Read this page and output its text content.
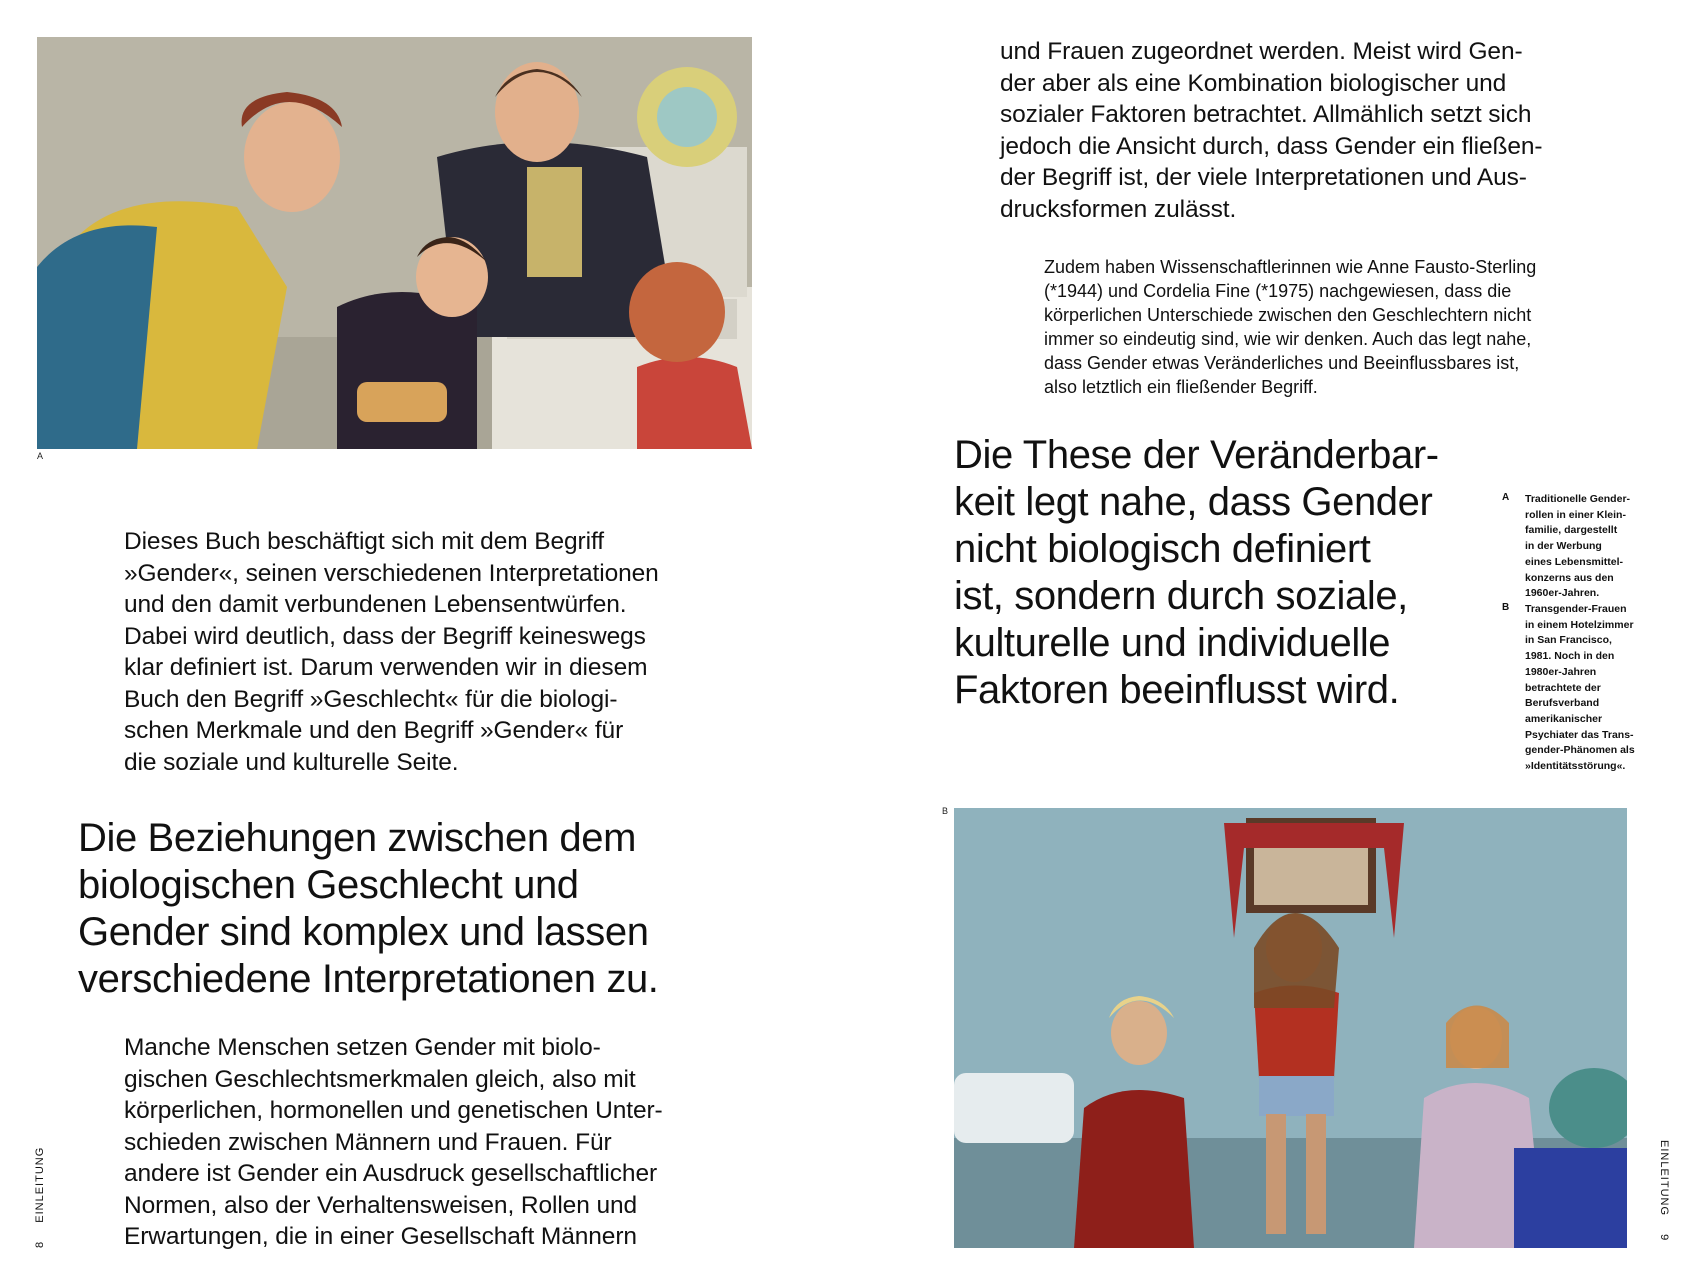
A
Dieses Buch beschäftigt sich mit dem Begriff
»Gender«, seinen verschiedenen Interpretationen
und den damit verbundenen Lebensentwürfen.
Dabei wird deutlich, dass der Begriff keineswegs
klar definiert ist. Darum verwenden wir in diesem
Buch den Begriff »Geschlecht« für die biologi-
schen Merkmale und den Begriff »Gender« für
die soziale und kulturelle Seite.
Die Beziehungen zwischen dem
biologischen Geschlecht und
Gender sind komplex und lassen
verschiedene Interpretationen zu.
Manche Menschen setzen Gender mit biolo-
gischen Geschlechtsmerkmalen gleich, also mit
körperlichen, hormonellen und genetischen Unter-
schieden zwischen Männern und Frauen. Für
andere ist Gender ein Ausdruck gesellschaftlicher
Normen, also der Verhaltensweisen, Rollen und
Erwartungen, die in einer Gesellschaft Männern
8  EINLEITUNG
und Frauen zugeordnet werden. Meist wird Gen-
der aber als eine Kombination biologischer und
sozialer Faktoren betrachtet. Allmählich setzt sich
jedoch die Ansicht durch, dass Gender ein fließen-
der Begriff ist, der viele Interpretationen und Aus-
drucksformen zulässt.
Zudem haben Wissenschaftlerinnen wie Anne Fausto-Sterling
(*1944) und Cordelia Fine (*1975) nachgewiesen, dass die
körperlichen Unterschiede zwischen den Geschlechtern nicht
immer so eindeutig sind, wie wir denken. Auch das legt nahe,
dass Gender etwas Veränderliches und Beeinflussbares ist,
also letztlich ein fließender Begriff.
Die These der Veränderbar-
keit legt nahe, dass Gender
nicht biologisch definiert
ist, sondern durch soziale,
kulturelle und individuelle
Faktoren beeinflusst wird.
A Traditionelle Gender-
rollen in einer Klein-
familie, dargestellt
in der Werbung
eines Lebensmittel-
konzerns aus den
1960er-Jahren.
B Transgender-Frauen
in einem Hotelzimmer
in San Francisco,
1981. Noch in den
1980er-Jahren
betrachtete der
Berufsverband
amerikanischer
Psychiater das Trans-
gender-Phänomen als
»Identitätsstörung«.
B
EINLEITUNG  9
